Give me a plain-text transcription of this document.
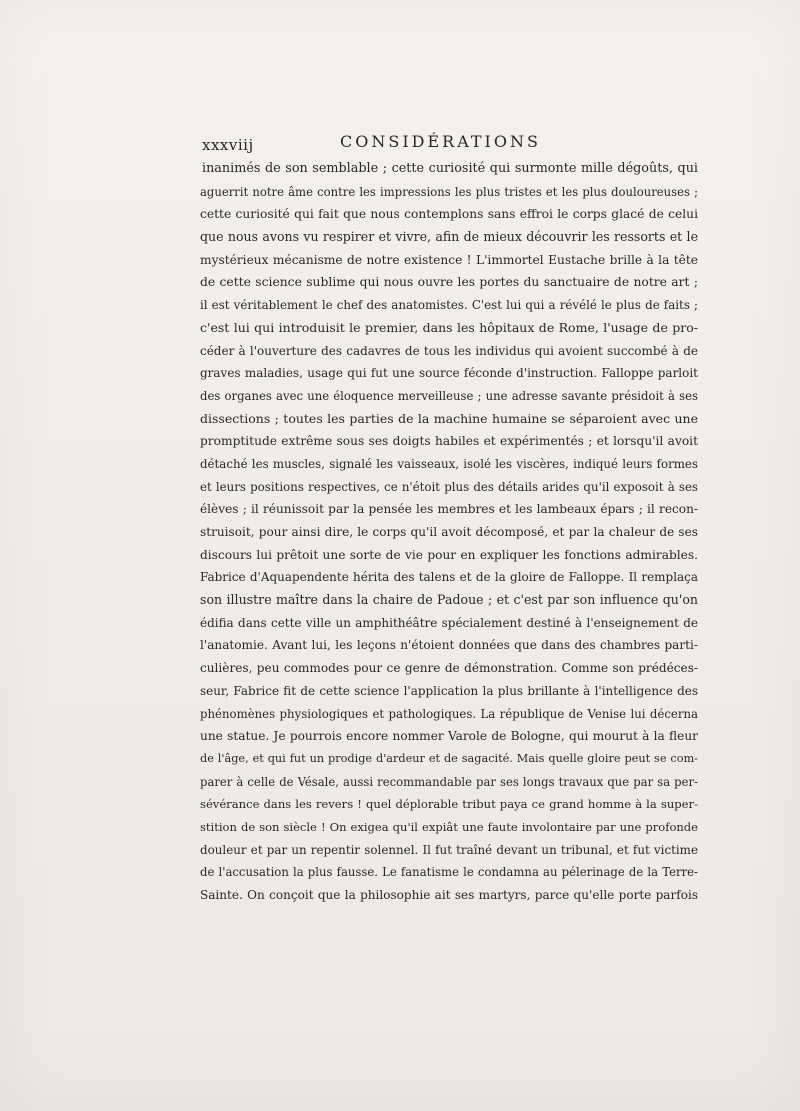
xxxviij	CONSIDÉRATIONS
inanimés de son semblable ; cette curiosité qui surmonte mille dégoûts, qui
aguerrit notre âme contre les impressions les plus tristes et les plus douloureuses ;
cette curiosité qui fait que nous contemplons sans effroi le corps glacé de celui
que nous avons vu respirer et vivre, afin de mieux découvrir les ressorts et le
mystérieux mécanisme de notre existence ! L'immortel Eustache brille à la tête
de cette science sublime qui nous ouvre les portes du sanctuaire de notre art ;
il est véritablement le chef des anatomistes. C'est lui qui a révélé le plus de faits ;
c'est lui qui introduisit le premier, dans les hôpitaux de Rome, l'usage de pro-
céder à l'ouverture des cadavres de tous les individus qui avoient succombé à de
graves maladies, usage qui fut une source féconde d'instruction. Falloppe parloit
des organes avec une éloquence merveilleuse ; une adresse savante présidoit à ses
dissections ; toutes les parties de la machine humaine se séparoient avec une
promptitude extrême sous ses doigts habiles et expérimentés ; et lorsqu'il avoit
détaché les muscles, signalé les vaisseaux, isolé les viscères, indiqué leurs formes
et leurs positions respectives, ce n'étoit plus des détails arides qu'il exposoit à ses
élèves ; il réunissoit par la pensée les membres et les lambeaux épars ; il recon-
struisoit, pour ainsi dire, le corps qu'il avoit décomposé, et par la chaleur de ses
discours lui prêtoit une sorte de vie pour en expliquer les fonctions admirables.
Fabrice d'Aquapendente hérita des talens et de la gloire de Falloppe. Il remplaça
son illustre maître dans la chaire de Padoue ; et c'est par son influence qu'on
édifia dans cette ville un amphithéâtre spécialement destiné à l'enseignement de
l'anatomie. Avant lui, les leçons n'étoient données que dans des chambres parti-
culières, peu commodes pour ce genre de démonstration. Comme son prédéces-
seur, Fabrice fit de cette science l'application la plus brillante à l'intelligence des
phénomènes physiologiques et pathologiques. La république de Venise lui décerna
une statue. Je pourrois encore nommer Varole de Bologne, qui mourut à la fleur
de l'âge, et qui fut un prodige d'ardeur et de sagacité. Mais quelle gloire peut se com-
parer à celle de Vésale, aussi recommandable par ses longs travaux que par sa per-
sévérance dans les revers ! quel déplorable tribut paya ce grand homme à la super-
stition de son siècle ! On exigea qu'il expiât une faute involontaire par une profonde
douleur et par un repentir solennel. Il fut traîné devant un tribunal, et fut victime
de l'accusation la plus fausse. Le fanatisme le condamna au pélerinage de la Terre-
Sainte. On conçoit que la philosophie ait ses martyrs, parce qu'elle porte parfois
